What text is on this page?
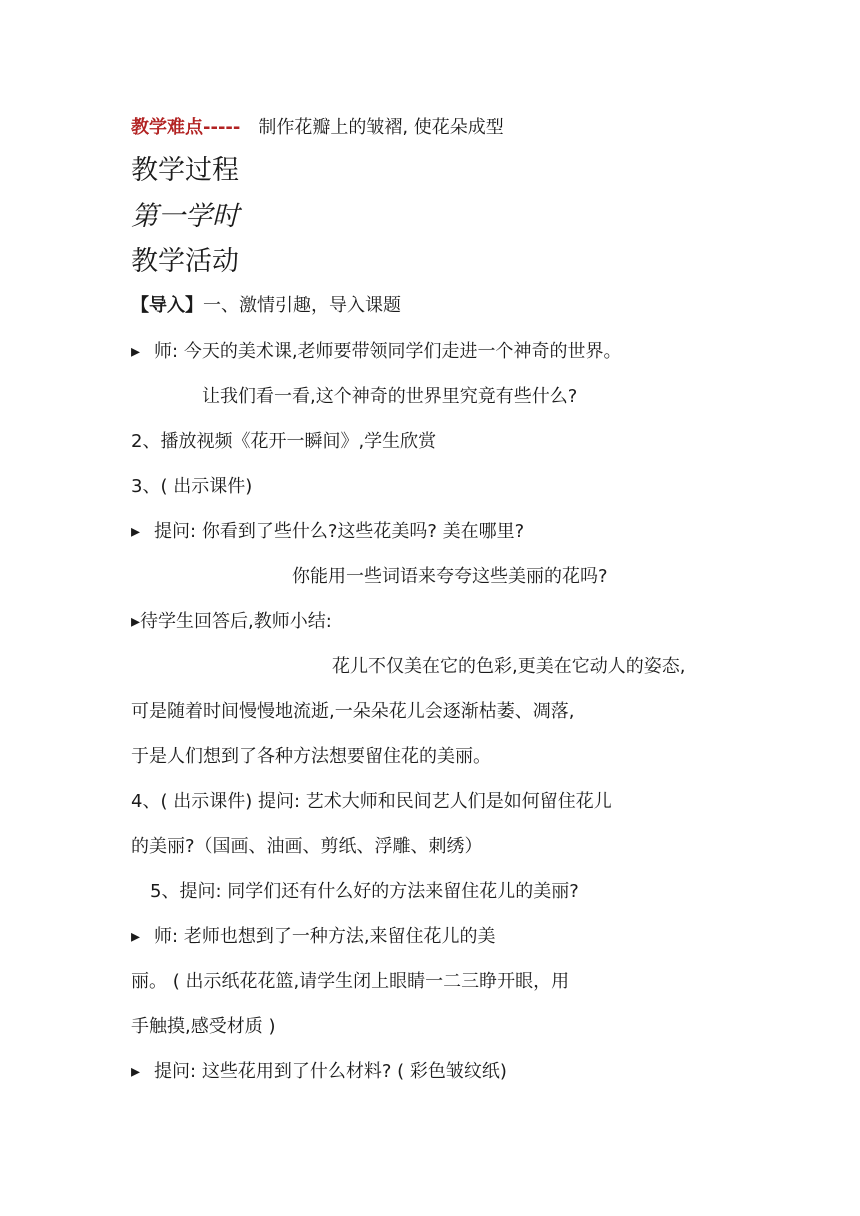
教学难点----- 制作花瓣上的皱褶, 使花朵成型
教学过程
第一学时
教学活动
【导入】一、激情引趣，导入课题
▸ 师: 今天的美术课,老师要带领同学们走进一个神奇的世界。
让我们看一看,这个神奇的世界里究竟有些什么?
2、播放视频《花开一瞬间》,学生欣赏
3、( 出示课件)
▸ 提问: 你看到了些什么?这些花美吗? 美在哪里?
你能用一些词语来夸夸这些美丽的花吗?
▸待学生回答后,教师小结:
花儿不仅美在它的色彩,更美在它动人的姿态,
可是随着时间慢慢地流逝,一朵朵花儿会逐渐枯萎、凋落,
于是人们想到了各种方法想要留住花的美丽。
4、( 出示课件) 提问: 艺术大师和民间艺人们是如何留住花儿
的美丽?（国画、油画、剪纸、浮雕、刺绣）
5、提问: 同学们还有什么好的方法来留住花儿的美丽?
▸ 师: 老师也想到了一种方法,来留住花儿的美
丽。 ( 出示纸花花篮,请学生闭上眼睛一二三睁开眼，用
手触摸,感受材质 )
▸ 提问: 这些花用到了什么材料? ( 彩色皱纹纸)
